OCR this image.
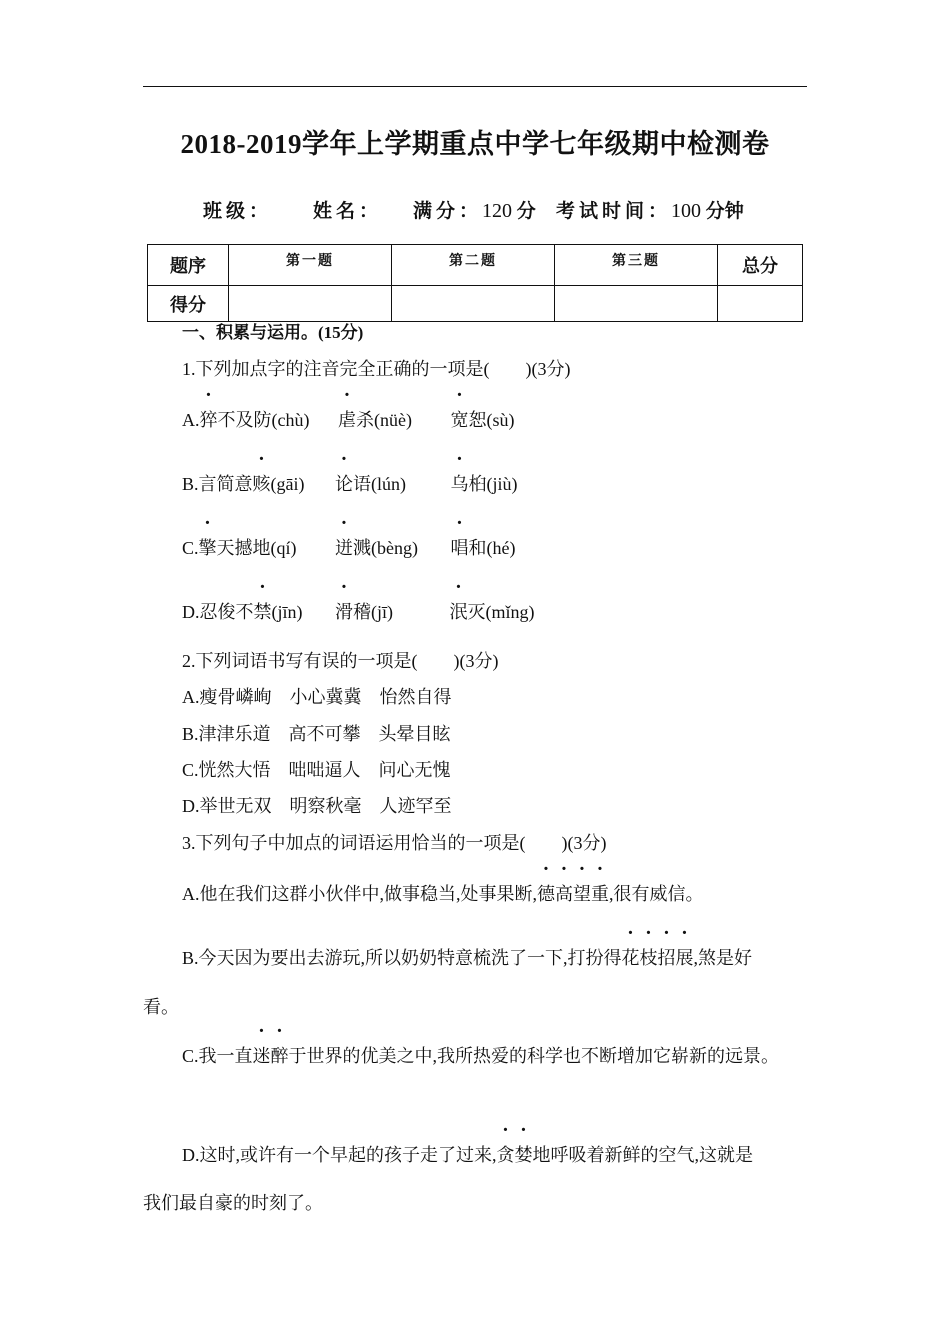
2018-2019学年上学期重点中学七年级期中检测卷
班级： 姓名： 满分：120 分 考试时间：100 分钟
题序	第一题	第二题	第三题	总分
得分				
一、积累与运用。(15分)
1.下列加点字的注音完全正确的一项是(　　)(3分)
A.猝不及防(chù) 虐杀(nüè) 宽恕(sù)
B.言简意赅(gāi) 论语(lún) 乌桕(jiù)
C.擎天撼地(qí) 迸溅(bèng) 唱和(hé)
D.忍俊不禁(jīn) 滑稽(jī)	泯灭(mǐng)
2.下列词语书写有误的一项是(　　)(3分)
A.瘦骨嶙峋　小心冀冀　怡然自得
B.津津乐道　高不可攀　头晕目眩
C.恍然大悟　咄咄逼人　问心无愧
D.举世无双　明察秋毫　人迹罕至
3.下列句子中加点的词语运用恰当的一项是(　　)(3分)
A.他在我们这群小伙伴中,做事稳当,处事果断,德高望重,很有威信。
B.今天因为要出去游玩,所以奶奶特意梳洗了一下,打扮得花枝招展,煞是好
看。
C.我一直迷醉于世界的优美之中,我所热爱的科学也不断增加它崭新的远景。
D.这时,或许有一个早起的孩子走了过来,贪婪地呼吸着新鲜的空气,这就是
我们最自豪的时刻了。
